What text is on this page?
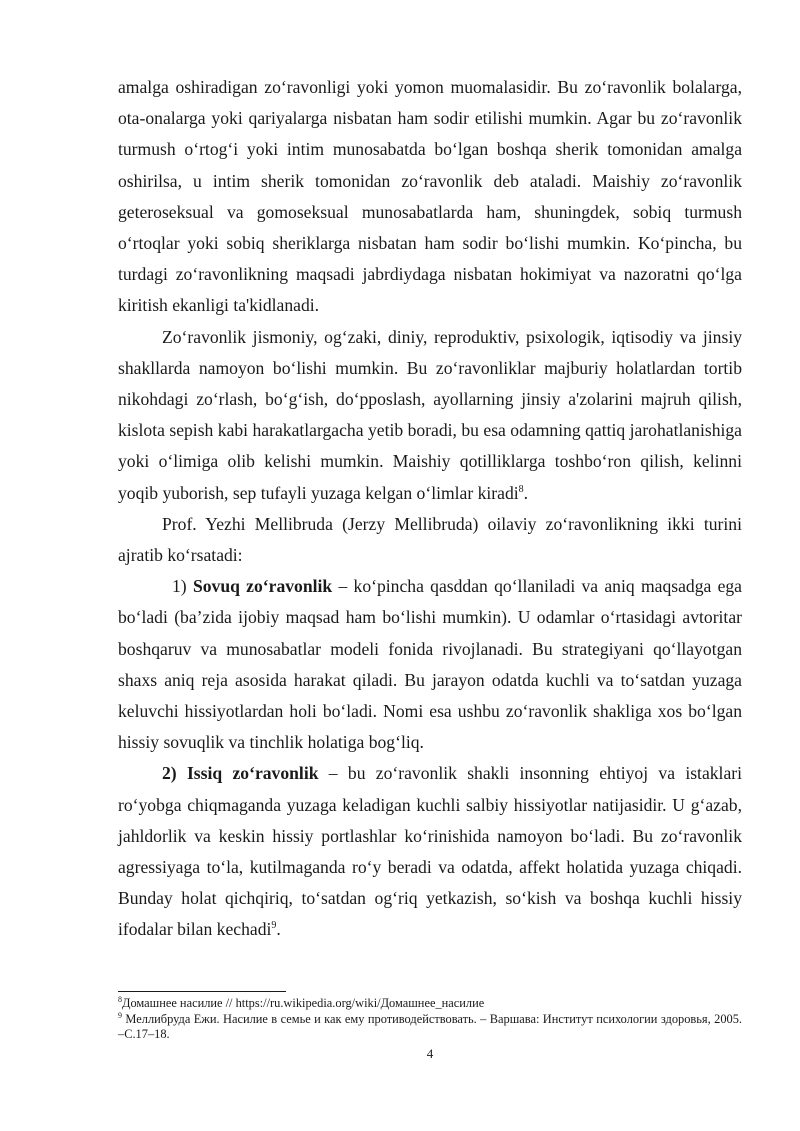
amalga oshiradigan zo‘ravonligi yoki yomon muomalasidir. Bu zo‘ravonlik bolalarga, ota-onalarga yoki qariyalarga nisbatan ham sodir etilishi mumkin. Agar bu zo‘ravonlik turmush o‘rtog‘i yoki intim munosabatda bo‘lgan boshqa sherik tomonidan amalga oshirilsa, u intim sherik tomonidan zo‘ravonlik deb ataladi. Maishiy zo‘ravonlik geteroseksual va gomoseksual munosabatlarda ham, shuningdek, sobiq turmush o‘rtoqlar yoki sobiq sheriklarga nisbatan ham sodir bo‘lishi mumkin. Ko‘pincha, bu turdagi zo‘ravonlikning maqsadi jabrdiydaga nisbatan hokimiyat va nazoratni qo‘lga kiritish ekanligi ta'kidlanadi.

Zo‘ravonlik jismoniy, og‘zaki, diniy, reproduktiv, psixologik, iqtisodiy va jinsiy shakllarda namoyon bo‘lishi mumkin. Bu zo‘ravonliklar majburiy holatlardan tortib nikohdagi zo‘rlash, bo‘g‘ish, do‘pposlash, ayollarning jinsiy a'zolarini majruh qilish, kislota sepish kabi harakatlargacha yetib boradi, bu esa odamning qattiq jarohatlanishiga yoki o‘limiga olib kelishi mumkin. Maishiy qotilliklarga toshbo‘ron qilish, kelinni yoqib yuborish, sep tufayli yuzaga kelgan o‘limlar kiradi$^8$.

Prof. Yezhi Mellibruda (Jerzy Mellibruda) oilaviy zo‘ravonlikning ikki turini ajratib ko‘rsatadi:

1) Sovuq zo‘ravonlik – ko‘pincha qasddan qo‘llaniladi va aniq maqsadga ega bo‘ladi (ba’zida ijobiy maqsad ham bo‘lishi mumkin). U odamlar o‘rtasidagi avtoritar boshqaruv va munosabatlar modeli fonida rivojlanadi. Bu strategiyani qo‘llayotgan shaxs aniq reja asosida harakat qiladi. Bu jarayon odatda kuchli va to‘satdan yuzaga keluvchi hissiyotlardan holi bo‘ladi. Nomi esa ushbu zo‘ravonlik shakliga xos bo‘lgan hissiy sovuqlik va tinchlik holatiga bog‘liq.

2) Issiq zo‘ravonlik – bu zo‘ravonlik shakli insonning ehtiyoj va istaklari ro‘yobga chiqmaganda yuzaga keladigan kuchli salbiy hissiyotlar natijasidir. U g‘azab, jahldorlik va keskin hissiy portlashlar ko‘rinishida namoyon bo‘ladi. Bu zo‘ravonlik agressiyaga to‘la, kutilmaganda ro‘y beradi va odatda, affekt holatida yuzaga chiqadi. Bunday holat qichqiriq, to‘satdan og‘riq yetkazish, so‘kish va boshqa kuchli hissiy ifodalar bilan kechadi$^9$.

$^8$Домашнее насилие // https://ru.wikipedia.org/wiki/Домашнее_насилие

$^9$ Меллибруда Ежи. Насилие в семье и как ему противодействовать. – Варшава: Институт психологии здоровья, 2005. –С.17–18.

4
